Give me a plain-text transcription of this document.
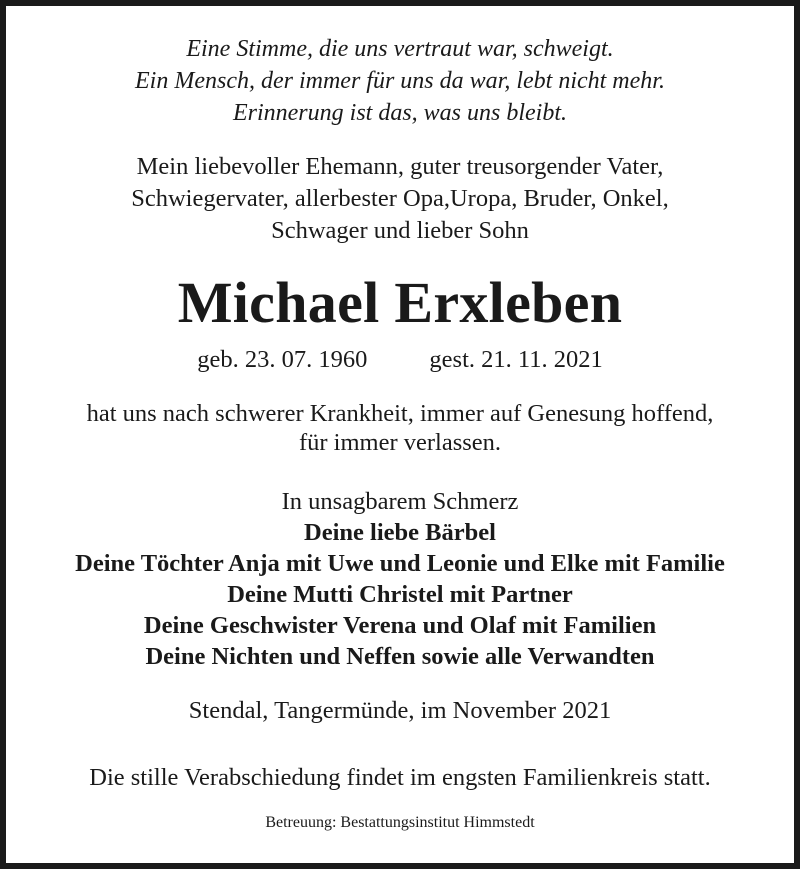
Eine Stimme, die uns vertraut war, schweigt.
Ein Mensch, der immer für uns da war, lebt nicht mehr.
Erinnerung ist das, was uns bleibt.
Mein liebevoller Ehemann, guter treusorgender Vater,
Schwiegervater, allerbester Opa,Uropa, Bruder, Onkel,
Schwager und lieber Sohn
Michael Erxleben
geb. 23. 07. 1960	gest. 21. 11. 2021
hat uns nach schwerer Krankheit, immer auf Genesung hoffend,
für immer verlassen.
In unsagbarem Schmerz
Deine liebe Bärbel
Deine Töchter Anja mit Uwe und Leonie und Elke mit Familie
Deine Mutti Christel mit Partner
Deine Geschwister Verena und Olaf mit Familien
Deine Nichten und Neffen sowie alle Verwandten
Stendal, Tangermünde, im November 2021
Die stille Verabschiedung findet im engsten Familienkreis statt.
Betreuung: Bestattungsinstitut Himmstedt
